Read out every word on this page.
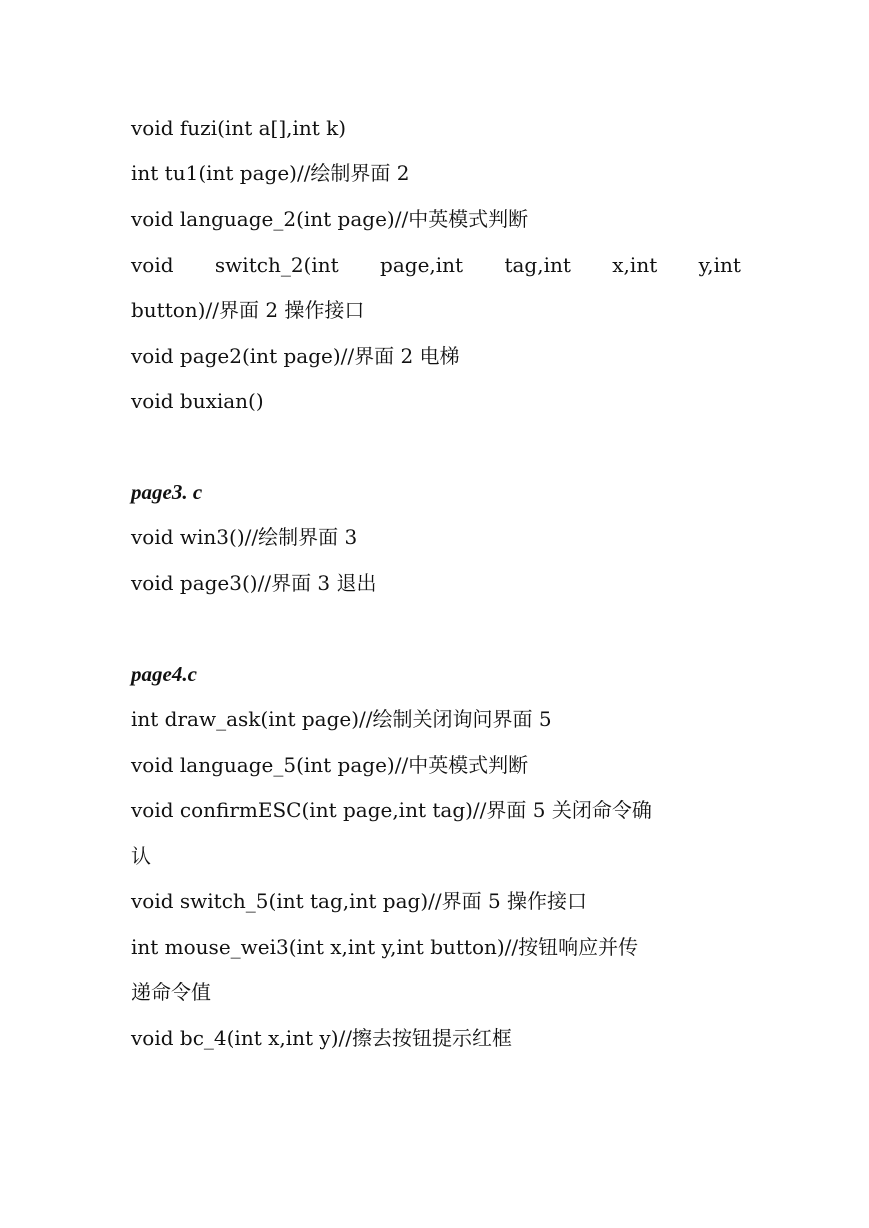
void fuzi(int a[],int k)
int tu1(int page)//绘制界面 2
void language_2(int page)//中英模式判断
void switch_2(int page,int tag,int x,int y,int
button)//界面 2 操作接口
void page2(int page)//界面 2 电梯
void buxian()
page3. c
void win3()//绘制界面 3
void page3()//界面 3 退出
page4.c
int draw_ask(int page)//绘制关闭询问界面 5
void language_5(int page)//中英模式判断
void confirmESC(int page,int tag)//界面 5 关闭命令确
认
void switch_5(int tag,int pag)//界面 5 操作接口
int mouse_wei3(int x,int y,int button)//按钮响应并传
递命令值
void bc_4(int x,int y)//擦去按钮提示红框
